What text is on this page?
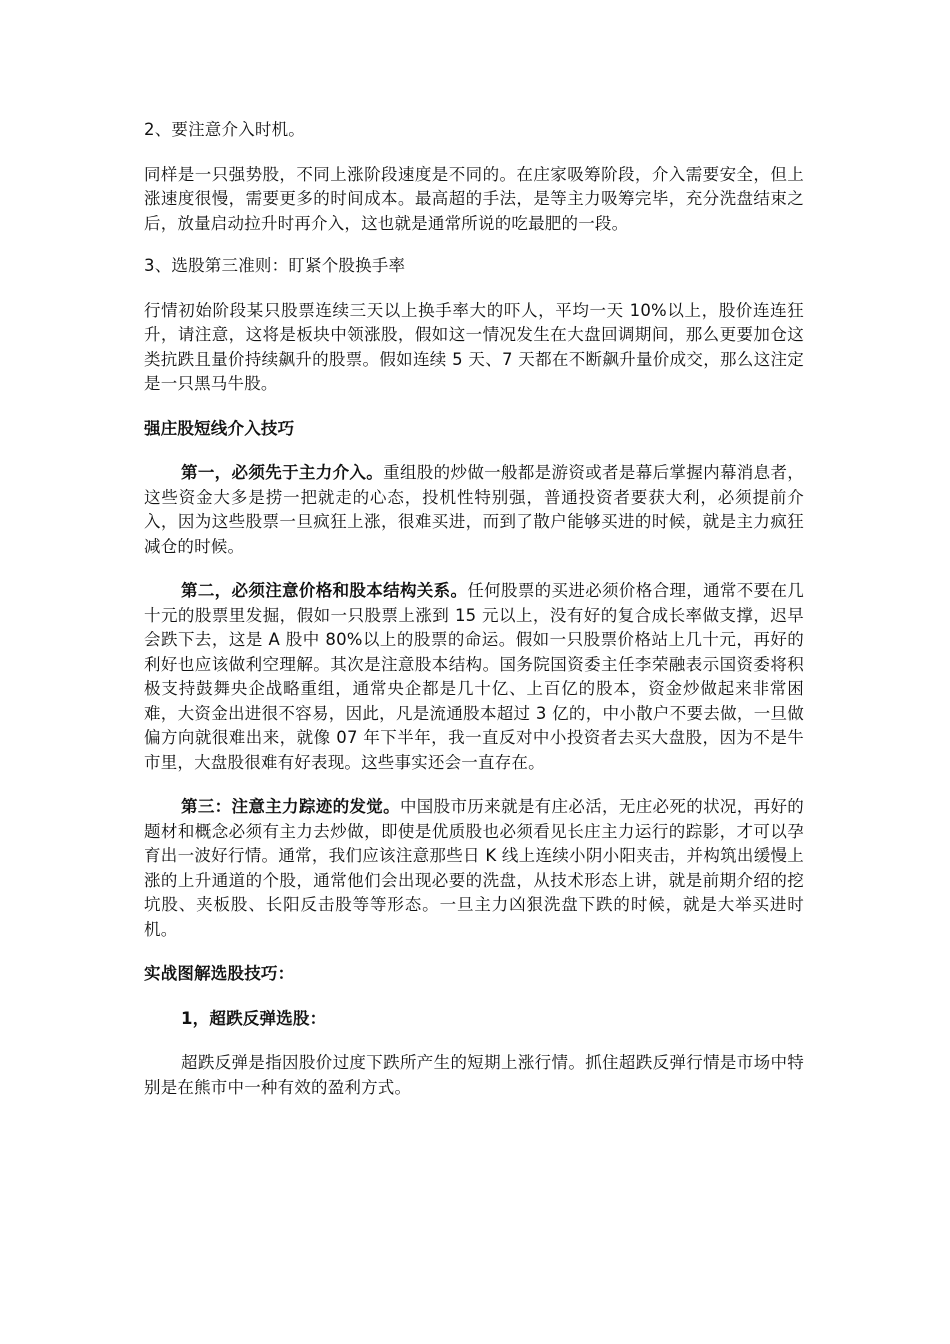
2、要注意介入时机。

同样是一只强势股，不同上涨阶段速度是不同的。在庄家吸筹阶段，介入需要安全，但上涨速度很慢，需要更多的时间成本。最高超的手法，是等主力吸筹完毕，充分洗盘结束之后，放量启动拉升时再介入，这也就是通常所说的吃最肥的一段。

3、选股第三准则：盯紧个股换手率

行情初始阶段某只股票连续三天以上换手率大的吓人，平均一天 10%以上，股价连连狂升，请注意，这将是板块中领涨股，假如这一情况发生在大盘回调期间，那么更要加仓这类抗跌且量价持续飙升的股票。假如连续 5 天、7 天都在不断飙升量价成交，那么这注定是一只黑马牛股。

强庄股短线介入技巧

第一，必须先于主力介入。重组股的炒做一般都是游资或者是幕后掌握内幕消息者，这些资金大多是捞一把就走的心态，投机性特别强，普通投资者要获大利，必须提前介入，因为这些股票一旦疯狂上涨，很难买进，而到了散户能够买进的时候，就是主力疯狂减仓的时候。

第二，必须注意价格和股本结构关系。任何股票的买进必须价格合理，通常不要在几十元的股票里发掘，假如一只股票上涨到 15 元以上，没有好的复合成长率做支撑，迟早会跌下去，这是 A 股中 80%以上的股票的命运。假如一只股票价格站上几十元，再好的利好也应该做利空理解。其次是注意股本结构。国务院国资委主任李荣融表示国资委将积极支持鼓舞央企战略重组，通常央企都是几十亿、上百亿的股本，资金炒做起来非常困难，大资金出进很不容易，因此，凡是流通股本超过 3 亿的，中小散户不要去做，一旦做偏方向就很难出来，就像 07 年下半年，我一直反对中小投资者去买大盘股，因为不是牛市里，大盘股很难有好表现。这些事实还会一直存在。

第三：注意主力踪迹的发觉。中国股市历来就是有庄必活，无庄必死的状况，再好的题材和概念必须有主力去炒做，即使是优质股也必须看见长庄主力运行的踪影，才可以孕育出一波好行情。通常，我们应该注意那些日 K 线上连续小阴小阳夹击，并构筑出缓慢上涨的上升通道的个股，通常他们会出现必要的洗盘，从技术形态上讲，就是前期介绍的挖坑股、夹板股、长阳反击股等等形态。一旦主力凶狠洗盘下跌的时候，就是大举买进时机。

实战图解选股技巧：

1，超跌反弹选股：

超跌反弹是指因股价过度下跌所产生的短期上涨行情。抓住超跌反弹行情是市场中特别是在熊市中一种有效的盈利方式。
